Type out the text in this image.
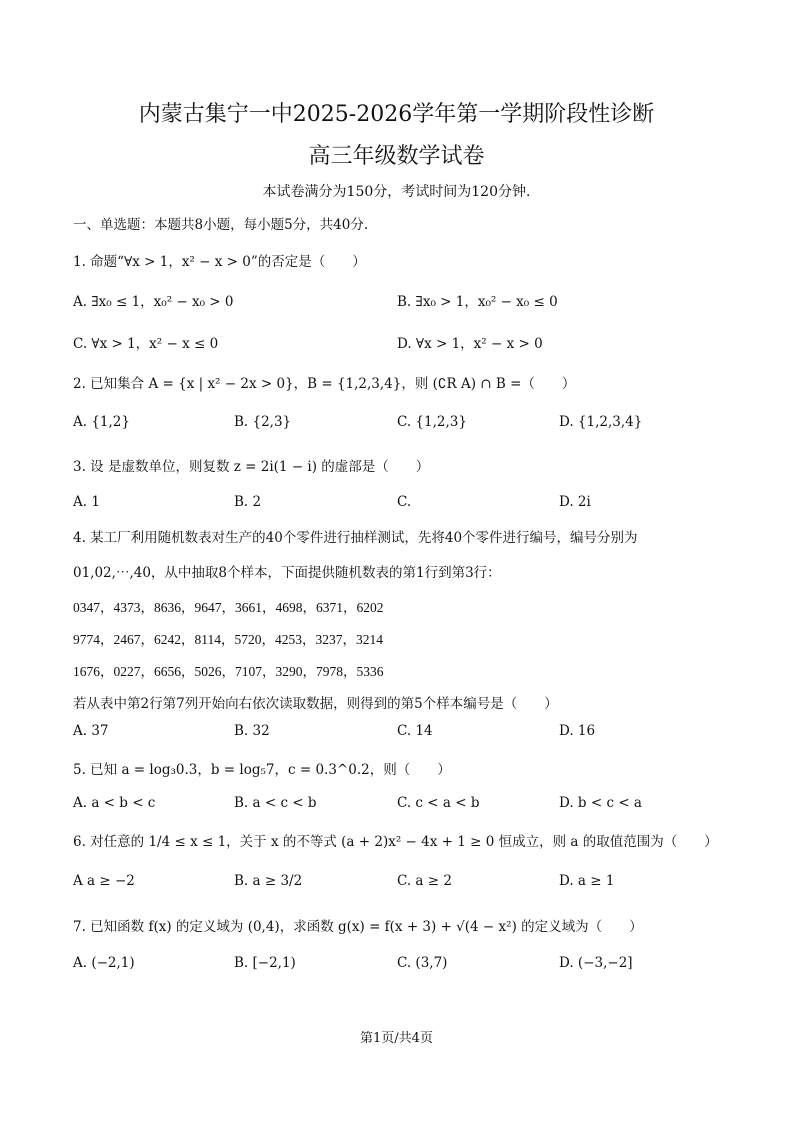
内蒙古集宁一中2025-2026学年第一学期阶段性诊断
高三年级数学试卷
本试卷满分为150分，考试时间为120分钟.
一、单选题：本题共8小题，每小题5分，共40分.
1. 命题“∀x > 1，x² − x > 0”的否定是（　　）
A. ∃x₀ ≤ 1，x₀² − x₀ > 0	B. ∃x₀ > 1，x₀² − x₀ ≤ 0
C. ∀x > 1，x² − x ≤ 0	D. ∀x > 1，x² − x > 0
2. 已知集合 A = {x | x² − 2x > 0}，B = {1,2,3,4}，则 (∁R A) ∩ B =（　　）
A. {1,2}	B. {2,3}	C. {1,2,3}	D. {1,2,3,4}
3. 设 是虚数单位，则复数 z = 2i(1 − i) 的虚部是（　　）
A. 1	B. 2	C.	D. 2i
4. 某工厂利用随机数表对生产的40个零件进行抽样测试，先将40个零件进行编号，编号分别为
01,02,⋯,40，从中抽取8个样本，下面提供随机数表的第1行到第3行：
0347，4373，8636，9647，3661，4698，6371，6202
9774，2467，6242，8114，5720，4253，3237，3214
1676，0227，6656，5026，7107，3290，7978，5336
若从表中第2行第7列开始向右依次读取数据，则得到的第5个样本编号是（　　）
A. 37	B. 32	C. 14	D. 16
5. 已知 a = log₃0.3，b = log₅7，c = 0.3^0.2，则（　　）
A. a < b < c	B. a < c < b	C. c < a < b	D. b < c < a
6. 对任意的 1/4 ≤ x ≤ 1，关于 x 的不等式 (a + 2)x² − 4x + 1 ≥ 0 恒成立，则 a 的取值范围为（　　）
A a ≥ −2	B. a ≥ 3/2	C. a ≥ 2	D. a ≥ 1
7. 已知函数 f(x) 的定义域为 (0,4)，求函数 g(x) = f(x + 3) + √(4 − x²) 的定义域为（　　）
A. (−2,1)	B. [−2,1)	C. (3,7)	D. (−3,−2]
第1页/共4页
